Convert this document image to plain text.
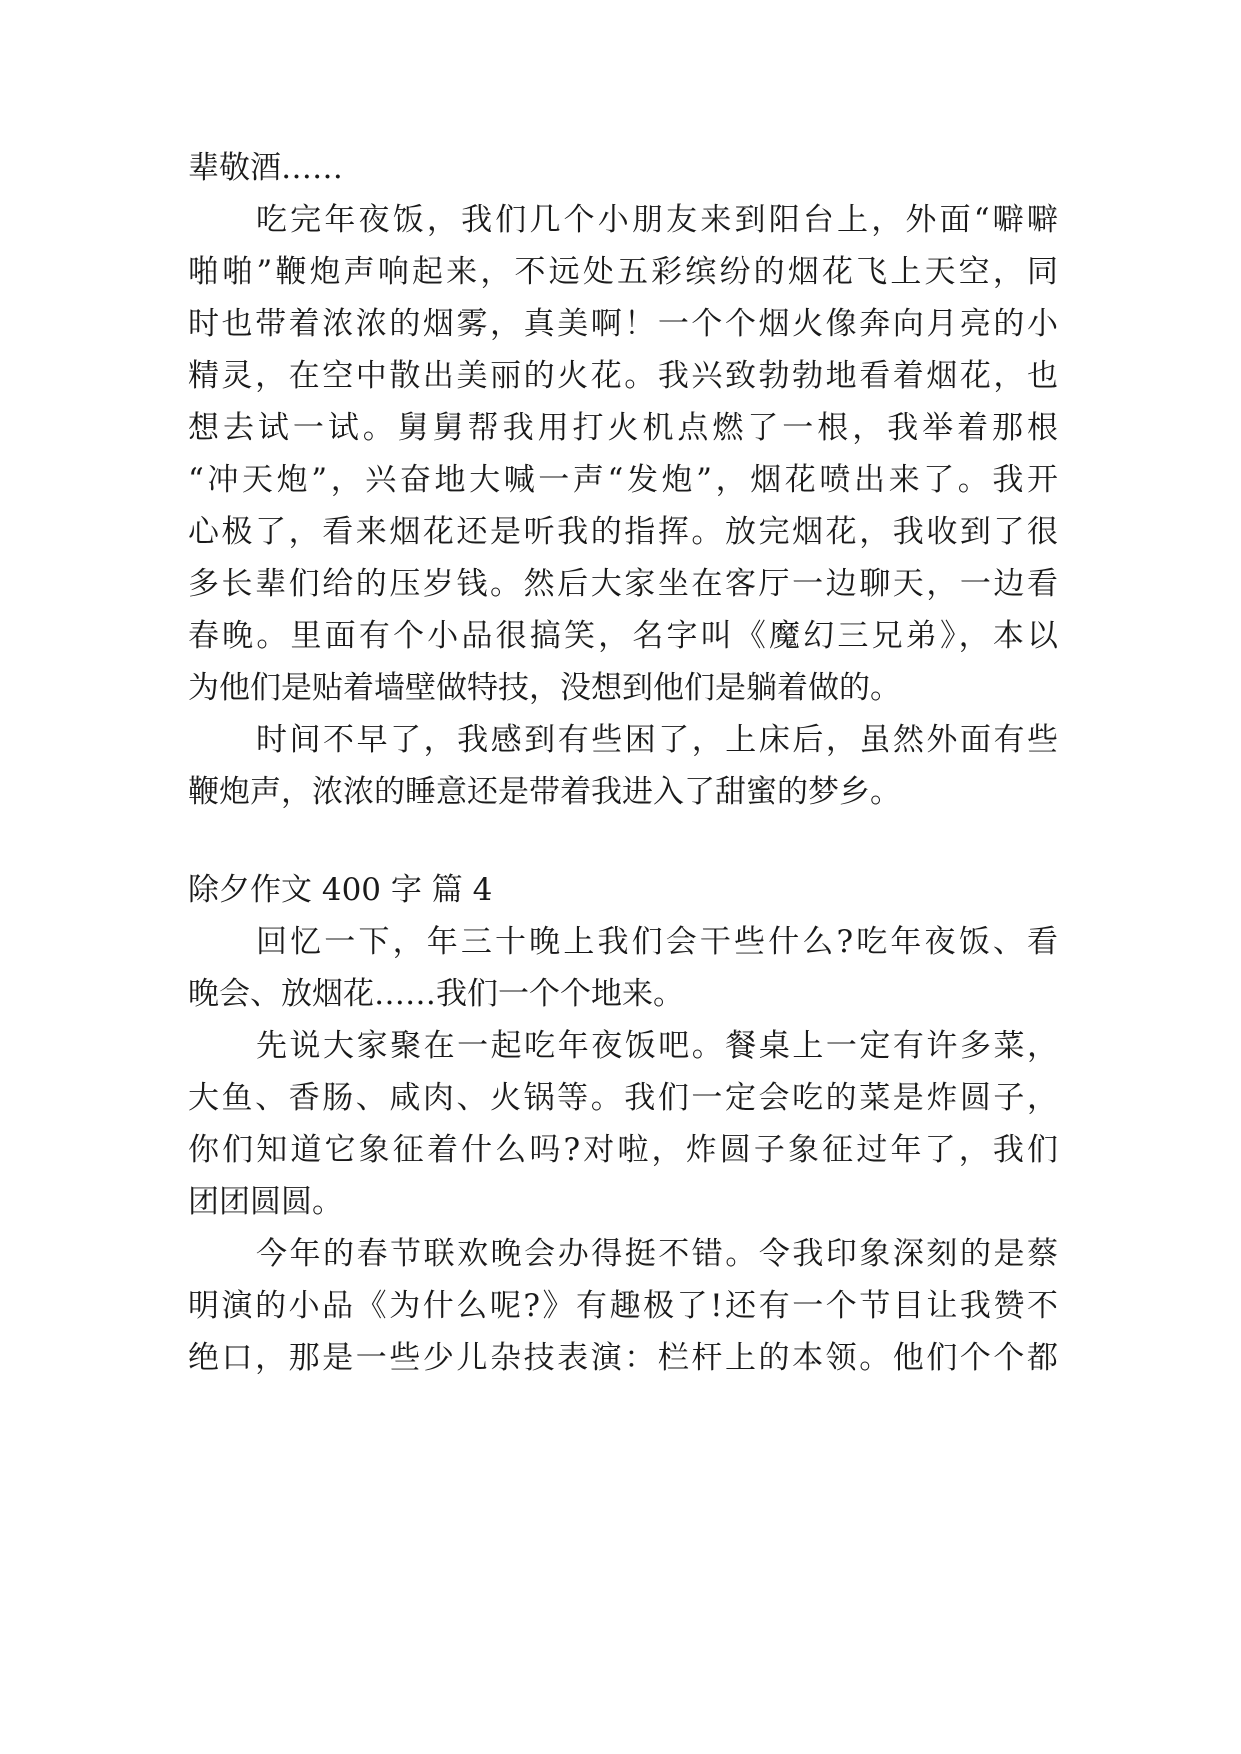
辈敬酒……
吃完年夜饭，我们几个小朋友来到阳台上，外面“噼噼
啪啪”鞭炮声响起来，不远处五彩缤纷的烟花飞上天空，同
时也带着浓浓的烟雾，真美啊！一个个烟火像奔向月亮的小
精灵，在空中散出美丽的火花。我兴致勃勃地看着烟花，也
想去试一试。舅舅帮我用打火机点燃了一根，我举着那根
“冲天炮”，兴奋地大喊一声“发炮”，烟花喷出来了。我开
心极了，看来烟花还是听我的指挥。放完烟花，我收到了很
多长辈们给的压岁钱。然后大家坐在客厅一边聊天，一边看
春晚。里面有个小品很搞笑，名字叫《魔幻三兄弟》，本以
为他们是贴着墙壁做特技，没想到他们是躺着做的。
时间不早了，我感到有些困了，上床后，虽然外面有些
鞭炮声，浓浓的睡意还是带着我进入了甜蜜的梦乡。
除夕作文 400 字 篇 4
回忆一下，年三十晚上我们会干些什么?吃年夜饭、看
晚会、放烟花……我们一个个地来。
先说大家聚在一起吃年夜饭吧。餐桌上一定有许多菜，
大鱼、香肠、咸肉、火锅等。我们一定会吃的菜是炸圆子，
你们知道它象征着什么吗?对啦，炸圆子象征过年了，我们
团团圆圆。
今年的春节联欢晚会办得挺不错。令我印象深刻的是蔡
明演的小品《为什么呢?》有趣极了!还有一个节目让我赞不
绝口，那是一些少儿杂技表演：栏杆上的本领。他们个个都
